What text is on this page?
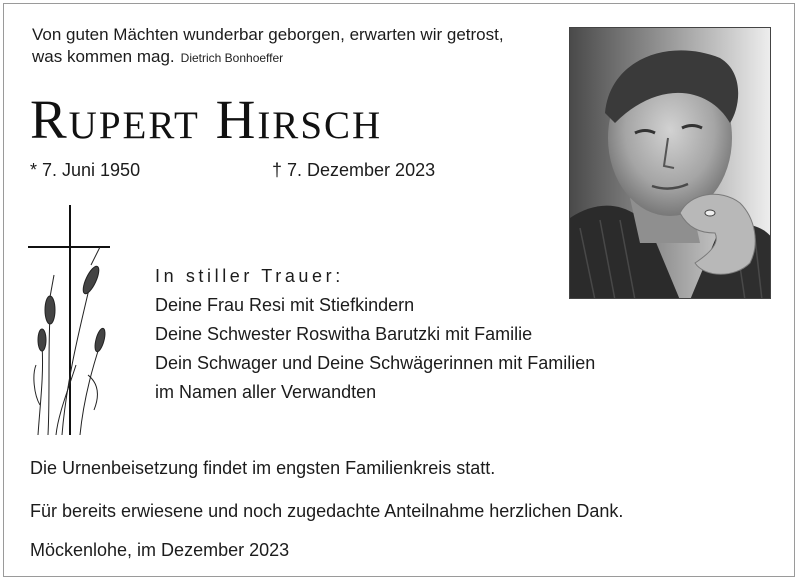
Von guten Mächten wunderbar geborgen, erwarten wir getrost,
was kommen mag. Dietrich Bonhoeffer
Rupert Hirsch
* 7. Juni 1950	† 7. Dezember 2023
In stiller Trauer:
Deine Frau Resi mit Stiefkindern
Deine Schwester Roswitha Barutzki mit Familie
Dein Schwager und Deine Schwägerinnen mit Familien
im Namen aller Verwandten
Die Urnenbeisetzung findet im engsten Familienkreis statt.
Für bereits erwiesene und noch zugedachte Anteilnahme herzlichen Dank.
Möckenlohe, im Dezember 2023
